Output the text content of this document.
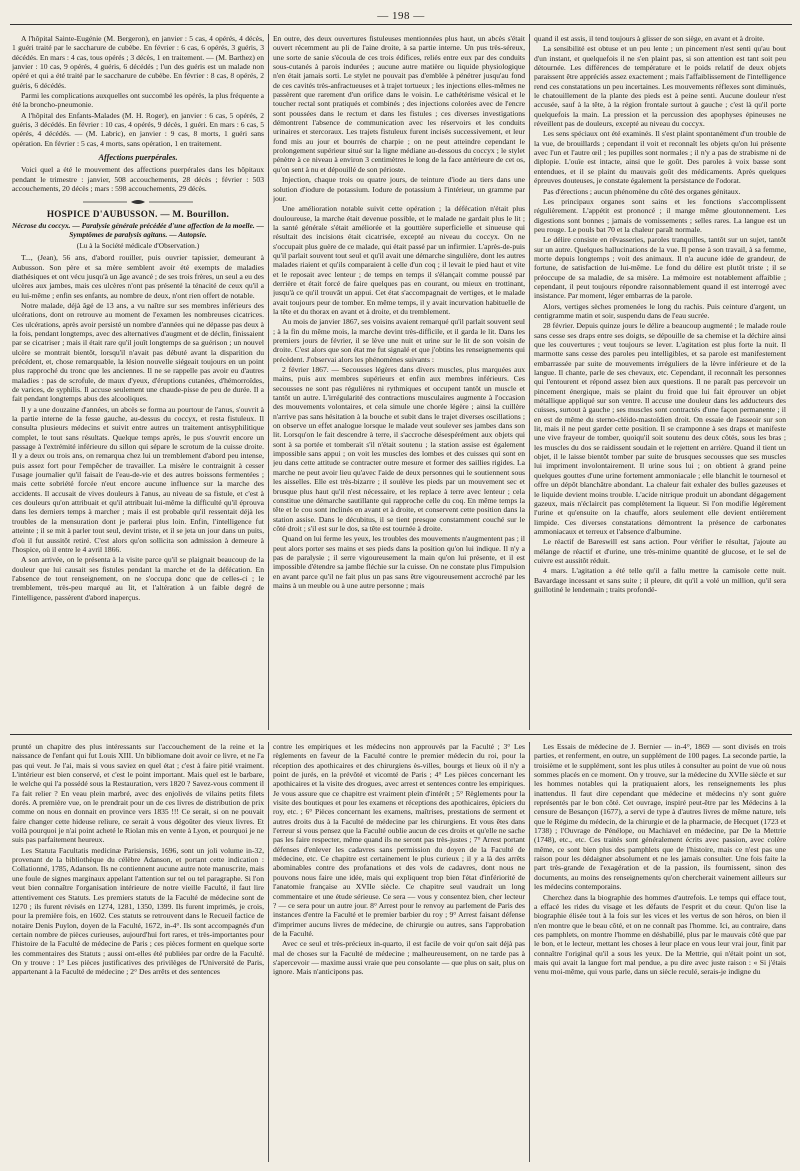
— 198 —

A l'hôpital Sainte-Eugénie (M. Bergeron), en janvier : 5 cas, 4 opérés, 4 décès, 1 guéri traité par le saccharure de cubèbe. En février : 6 cas, 6 opérés, 3 guéris, 3 décédés. En mars : 4 cas, tous opérés ; 3 décès, 1 en traitement. — (M. Barthez) en janvier : 10 cas, 9 opérés, 4 guéris, 6 décédés ; l'un des guéris est un malade non opéré et qui a été traité par le saccharure de cubèbe. En février : 8 cas, 8 opérés, 2 guéris, 6 décédés.

Parmi les complications auxquelles ont succombé les opérés, la plus fréquente a été la broncho-pneumonie.

A l'hôpital des Enfants-Malades (M. H. Roger), en janvier : 6 cas, 5 opérés, 2 guéris, 3 décédés. En février : 10 cas, 4 opérés, 9 décès, 1 guéri. En mars : 6 cas, 5 opérés, 4 décédés. — (M. Labric), en janvier : 9 cas, 8 morts, 1 guéri sans opération. En février : 5 cas, 4 morts, sans opération, 1 en traitement.

Affections puerpérales.

Voici quel a été le mouvement des affections puerpérales dans les hôpitaux pendant le trimestre : janvier, 508 accouchements, 28 décès ; février : 503 accouchements, 20 décès ; mars : 598 accouchements, 29 décès.

HOSPICE D'AUBUSSON. — M. Bourillon.
Nécrose du coccyx. — Paralysie générale précédée d'une affection de la moelle. — Symptômes de paralysis agitans. — Autopsie.
(Lu à la Société médicale d'Observation.)

T..., (Jean), 56 ans, d'abord rouiller, puis ouvrier tapissier, demeurant à Aubusson. Son père et sa mère semblent avoir été exempts de maladies diathésiques et ont vécu jusqu'à un âge avancé ; de ses trois frères, un seul a eu des ulcères aux jambes, mais ces ulcères n'ont pas présenté la ténacité de ceux qu'il a eu lui-même ; enfin ses enfants, au nombre de deux, n'ont rien offert de notable.

Notre malade, déjà âgé de 13 ans, a vu naître sur ses membres inférieurs des ulcérations, dont on retrouve au moment de l'examen les nombreuses cicatrices. Ces ulcérations, après avoir persisté un nombre d'années qui ne dépasse pas deux à la fois, pendant longtemps, avec des alternatives d'augment et de déclin, finissaient par se cicatriser ; mais il était rare qu'il jouît longtemps de sa guérison ; un nouvel ulcère se montrait bientôt, lorsqu'il n'avait pas débuté avant la disparition du précédent, et, chose remarquable, la lésion nouvelle siégeait toujours en un point plus rapproché du tronc que les anciennes. Il ne se rappelle pas avoir eu d'autres maladies : pas de scrofule, de maux d'yeux, d'éruptions cutanées, d'hémorroïdes, de varices, de syphilis. Il accuse seulement une chaude-pisse de peu de durée. Il a fait pendant longtemps abus des alcooliques.

Il y a une douzaine d'années, un abcès se forma au pourtour de l'anus, s'ouvrit à la partie interne de la fesse gauche, au-dessus du coccyx, et resta fistuleux. Il consulta plusieurs médecins et suivit entre autres un traitement antisyphilitique complet, le tout sans résultats. Quelque temps après, le pus s'ouvrit encore un passage à l'extrémité inférieure du sillon qui sépare le scrotum de la cuisse droite. Il y a deux ou trois ans, on remarqua chez lui un tremblement d'abord peu intense, puis assez fort pour l'empêcher de travailler. La misère le contraignit à cesser l'usage journalier qu'il faisait de l'eau-de-vie et des autres boissons fermentées ; mais cette sobriété forcée n'eut encore aucune influence sur la marche des accidents. Il accusait de vives douleurs à l'anus, au niveau de sa fistule, et c'est à ces douleurs qu'on attribuait et qu'il attribuait lui-même la difficulté qu'il éprouva dans les derniers temps à marcher ; mais il est probable qu'il ressentait déjà les troubles de la mensuration dont je parlerai plus loin. Enfin, l'intelligence fut atteinte ; il se mit à parler tout seul, devint triste, et il se jeta un jour dans un puits, d'où il fut aussitôt retiré. C'est alors qu'on sollicita son admission à demeure à l'hospice, où il entre le 4 avril 1866.

A son arrivée, on le présenta à la visite parce qu'il se plaignait beaucoup de la douleur que lui causait ses fistules pendant la marche et de la défécation. En l'absence de tout renseignement, on ne s'occupa donc que de celles-ci ; le tremblement, très-peu marqué au lit, et l'altération à un faible degré de l'intelligence, passèrent d'abord inaperçus.

En outre, des deux ouvertures fistuleuses mentionnées plus haut, un abcès s'était ouvert récemment au pli de l'aine droite, à sa partie interne. Un pus très-séreux, une sorte de sanie s'écoula de ces trois édifices, reliés entre eux par des conduits sous-cutanés à parois indurées ; aucune autre matière ou liquide physiologique n'en était jamais sorti. Le stylet ne pouvait pas d'emblée à pénétrer jusqu'au fond de ces cavités très-anfractueuses et à trajet tortueux ; les injections elles-mêmes ne passèrent que rarement d'un orifice dans le voisin. Le cathétérisme vésical et le toucher rectal sont pratiqués et combinés ; des injections colorées avec de l'encre sont poussées dans le rectum et dans les fistules ; ces diverses investigations démontrent l'absence de communication avec les réservoirs et les conduits urinaires et stercoraux. Les trajets fistuleux furent incisés successivement, et leur fond mis au jour et bourrés de charpie ; on ne peut atteindre cependant le prolongement supérieur situé sur la ligne médiane au-dessous du coccyx ; le stylet pénètre à ce niveau à environ 3 centimètres le long de la face antérieure de cet os, qu'on sent à nu et dépouillé de son périoste.

Injection, chaque trois ou quatre jours, de teinture d'iode au tiers dans une solution d'iodure de potassium. Iodure de potassium à l'intérieur, un gramme par jour.

Une amélioration notable suivit cette opération ; la défécation n'était plus douloureuse, la marche était devenue possible, et le malade ne gardait plus le lit ; la santé générale s'était améliorée et la gouttière superficielle et sinueuse qui résultait des incisions était cicatrisée, excepté au niveau du coccyx. On ne s'occupait plus guère de ce malade, qui était passé par un infirmier. L'après-de-puis qu'il parlait souvent tout seul et qu'il avait une démarche singulière, dont les autres malades riaient et qu'ils comparaient à celle d'un coq ; il levait le pied haut et vite et le reposait avec lenteur ; de temps en temps il s'élançait comme poussé par derrière et était forcé de faire quelques pas en courant, ou mieux en trottinant, jusqu'à ce qu'il trouvât un appui. Cet état s'accompagnait de vertiges, et le malade avait toujours peur de tomber. En même temps, il y avait incurvation habituelle de la tête et du thorax en avant et à droite, et du tremblement.

Au mois de janvier 1867, ses voisins avaient remarqué qu'il parlait souvent seul ; à la fin du même mois, la marche devint très-difficile, et il garda le lit. Dans les premiers jours de février, il se lève une nuit et urine sur le lit de son voisin de droite. C'est alors que son état me fut signalé et que j'obtins les renseignements qui précèdent. J'observai alors les phénomènes suivants :

2 février 1867. — Secousses légères dans divers muscles, plus marquées aux mains, puis aux membres supérieurs et enfin aux membres inférieurs. Ces secousses ne sont pas régulières ni rythmiques et occupent tantôt un muscle et tantôt un autre. L'irrégularité des contractions musculaires augmente à l'occasion des mouvements volontaires, et cela simule une chorée légère ; ainsi la cuillère n'arrive pas sans hésitation à la bouche et subit dans le trajet diverses oscillations ; on observe un effet analogue lorsque le malade veut soulever ses jambes dans son lit. Lorsqu'on le fait descendre à terre, il s'accroche désespérément aux objets qui sont à sa portée et tomberait s'il n'était soutenu ; la station assise est également impossible sans appui ; on voit les muscles des lombes et des cuisses qui sont en jeu dans cette attitude se contracter outre mesure et former des saillies rigides. La marche ne peut avoir lieu qu'avec l'aide de deux personnes qui le soutiennent sous les aisselles. Elle est très-bizarre ; il soulève les pieds par un mouvement sec et brusque plus haut qu'il n'est nécessaire, et les replace à terre avec lenteur ; cela constitue une démarche sautillante qui rapproche celle du coq. En même temps la tête et le cou sont inclinés en avant et à droite, et conservent cette position dans la station assise. Dans le décubitus, il se tient presque constamment couché sur le côté droit ; s'il est sur le dos, sa tête est tournée à droite.

Quand on lui ferme les yeux, les troubles des mouvements n'augmentent pas ; il peut alors porter ses mains et ses pieds dans la position qu'on lui indique. Il n'y a pas de paralysie ; il serre vigoureusement la main qu'on lui présente, et il est impossible d'étendre sa jambe fléchie sur la cuisse. On ne constate plus l'impulsion en avant parce qu'il ne fait plus un pas sans être vigoureusement accroché par les mains à un meuble ou à une autre personne ; mais

quand il est assis, il tend toujours à glisser de son siège, en avant et à droite.

La sensibilité est obtuse et un peu lente ; un pincement n'est senti qu'au bout d'un instant, et quelquefois il ne s'en plaint pas, si son attention est tant soit peu détournée. Les différences de température et le poids relatif de deux objets paraissent être appréciés assez exactement ; mais l'affaiblissement de l'intelligence rend ces constatations un peu incertaines. Les mouvements réflexes sont diminués, le chatouillement de la plante des pieds est à peine senti. Aucune douleur n'est accusée, sauf à la tête, à la région frontale surtout à gauche ; c'est là qu'il porte quelquefois la main. La pression et la percussion des apophyses épineuses ne réveillent pas de douleurs, excepté au niveau du coccyx.

Les sens spéciaux ont été examinés. Il s'est plaint spontanément d'un trouble de la vue, de brouillards ; cependant il voit et reconnaît les objets qu'on lui présente avec l'un et l'autre œil ; les pupilles sont normales ; il n'y a pas de strabisme ni de diplopie. L'ouïe est intacte, ainsi que le goût. Des paroles à voix basse sont entendues, et il se plaint du mauvais goût des médicaments. Après quelques épreuves douteuses, je constate également la persistance de l'odorat.

Pas d'érections ; aucun phénomène du côté des organes génitaux.

Les principaux organes sont sains et les fonctions s'accomplissent régulièrement. L'appétit est prononcé ; il mange même gloutonnement. Les digestions sont bonnes ; jamais de vomissements ; selles rares. La langue est un peu rouge. Le pouls bat 70 et la chaleur paraît normale.

Le délire consiste en rêvasseries, paroles tranquilles, tantôt sur un sujet, tantôt sur un autre. Quelques hallucinations de la vue. Il pense à son travail, à sa femme, morte depuis longtemps ; voit des animaux. Il n'a aucune idée de grandeur, de fortune, de satisfaction de lui-même. Le fond du délire est plutôt triste ; il se préoccupe de sa maladie, de sa misère. La mémoire est notablement affaiblie ; cependant, il peut toujours répondre raisonnablement quand il est interrogé avec insistance. Par moment, léger embarras de la parole.

Alors, vertiges sèches promenées le long du rachis. Puis ceinture d'argent, un centigramme matin et soir, suspendu dans de l'eau sucrée.

28 février. Depuis quinze jours le délire a beaucoup augmenté ; le malade roule sans cesse ses draps entre ses doigts, se dépouille de sa chemise et la déchire ainsi que les couvertures ; veut toujours se lever. L'agitation est plus forte la nuit. Il marmotte sans cesse des paroles peu intelligibles, et sa parole est manifestement embarrassée par suite de mouvements irréguliers de la lèvre inférieure et de la langue. Il chante, parle de ses chevaux, etc. Cependant, il reconnaît les personnes qui l'entourent et répond assez bien aux questions. Il ne paraît pas percevoir un pincement énergique, mais se plaint du froid que lui fait éprouver un objet métallique appliqué sur son ventre. Il accuse une douleur dans les adducteurs des cuisses, surtout à gauche ; ses muscles sont contractés d'une façon permanente ; il en est de même du sterno-cléido-mastoïdien droit. On essaie de l'asseoir sur son lit, mais il ne peut garder cette position. Il se cramponne à ses draps et manifeste une vive frayeur de tomber, quoiqu'il soit soutenu des deux côtés, sous les bras ; les muscles du dos se raidissent soudain et le rejettent en arrière. Quand il tient un objet, il le laisse bientôt tomber par suite de brusques secousses que ses muscles lui impriment involontairement. Il urine sous lui ; on obtient à grand peine quelques gouttes d'une urine fortement ammoniacale ; elle blanchit le tournesol et offre un dépôt blanchâtre abondant. La chaleur fait exhaler des bulles gazeuses et le liquide devient moins trouble. L'acide nitrique produit un abondant dégagement gazeux, mais n'éclaircit pas complètement la liqueur. Si l'on modifie légèrement l'urine et qu'ensuite on la chauffe, alors seulement elle devient entièrement limpide. Ces diverses constatations démontrent la présence de carbonates ammoniacaux et terreux et l'absence d'albumine.

Le réactif de Bareswill est sans action. Pour vérifier le résultat, j'ajoute au mélange de réactif et d'urine, une très-minime quantité de glucose, et le sel de cuivre est aussitôt réduit.

4 mars. L'agitation a été telle qu'il a fallu mettre la camisole cette nuit. Bavardage incessant et sans suite ; il pleure, dit qu'il a volé un million, qu'il sera guillotiné le lendemain ; traits profondé-

prunté un chapitre des plus intéressants sur l'accouchement de la reine et la naissance de l'enfant qui fut Louis XIII. Un bibliomane doit avoir ce livre, et ne l'a pas qui veut. Je l'ai, mais si vous saviez en quel état ; c'est à faire pitié vraiment. L'intérieur est bien conservé, et c'est le point important. Mais quel est le barbare, le welche qui l'a possédé sous la Restauration, vers 1820 ? Savez-vous comment il l'a fait relier ? En veau plein marbré, avec des enjolivés de vilains petits filets dorés. A première vue, on le prendrait pour un de ces livres de distribution de prix comme on nous en donnait en province vers 1835 !!! Ce serait, si on ne pouvait faire changer cette hideuse reliure, ce serait à vous dégoûter des vieux livres. Et voilà pourquoi je n'ai point acheté le Riolan mis en vente à Lyon, et pourquoi je ne suis pas parfaitement heureux.

Les Statuta Facultatis medicinæ Parisiensis, 1696, sont un joli volume in-32, provenant de la bibliothèque du célèbre Adanson, et portant cette indication : Collationné, 1785, Adanson. Ils ne contiennent aucune autre note manuscrite, mais une foule de signes marginaux appelant l'attention sur tel ou tel paragraphe. Si l'on veut bien connaître l'organisation intérieure de notre vieille Faculté, il faut lire attentivement ces Statuts. Les premiers statuts de la Faculté de médecine sont de 1270 ; ils furent révisés en 1274, 1281, 1350, 1399. Ils furent imprimés, je crois, pour la première fois, en 1602. Ces statuts se retrouvent dans le Recueil factice de notaire Denis Puylon, doyen de la Faculté, 1672, in-4°. Ils sont accompagnés d'un certain nombre de pièces curieuses, aujourd'hui fort rares, et très-importantes pour l'histoire de la Faculté de médecine de Paris ; ces pièces forment en quelque sorte les commentaires des Statuts ; aussi ont-elles été publiées par ordre de la Faculté. On y trouve : 1° Les pièces justificatives des privilèges de l'Université de Paris, appartenant à la Faculté de médecine ; 2° Des arrêts et des sentences

contre les empiriques et les médecins non approuvés par la Faculté ; 3° Les règlements en faveur de la Faculté contre le premier médecin du roi, pour la réception des apothicaires et des chirurgiens ès-villes, bourgs et lieux où il n'y a point de jurés, en la prévôté et vicomté de Paris ; 4° Les pièces concernant les apothicaires et la visite des drogues, avec arrest et sentences contre les empiriques. Je vous assure que ce chapitre est vraiment plein d'intérêt ; 5° Règlements pour la visite des boutiques et pour les examens et réceptions des apothicaires, épiciers du roy, etc. ; 6° Pièces concernant les examens, maîtrises, prestations de serment et autres droits dus à la Faculté de médecine par les chirurgiens. Et vous êtes dans l'erreur si vous pensez que la Faculté oublie aucun de ces droits et qu'elle ne sache pas les faire respecter, même quand ils ne seront pas très-justes ; 7° Arrest portant défenses d'enlever les cadavres sans permission du doyen de la Faculté de médecine, etc. Ce chapitre est certainement le plus curieux ; il y a là des arrêts abominables contre des profanations et des vols de cadavres, dont nous ne pouvons nous faire une idée, mais qui expliquent trop bien l'état d'infériorité de l'anatomie française au XVIIe siècle. Ce chapitre seul vaudrait un long commentaire et une étude sérieuse. Ce sera — vous y consentez bien, cher lecteur ? — ce sera pour un autre jour. 8° Arrest pour le renvoy au parlement de Paris des instances d'entre la Faculté et le premier barbier du roy ; 9° Arrest faisant défense d'imprimer aucuns livres de médecine, de chirurgie ou autres, sans l'approbation de la Faculté.

Avec ce seul et très-précieux in-quarto, il est facile de voir qu'on sait déjà pas mal de choses sur la Faculté de médecine ; malheureusement, on ne tarde pas à s'apercevoir — maxime aussi vraie que peu consolante — que plus on sait, plus on ignore. Mais n'anticipons pas.

Les Essais de médecine de J. Bernier — in-4°, 1869 — sont divisés en trois parties, et renferment, en outre, un supplément de 100 pages. La seconde partie, la troisième et le supplément, sont les plus utiles à consulter au point de vue où nous sommes placés en ce moment. On y trouve, sur la médecine du XVIIe siècle et sur les hommes notables qui la pratiquaient alors, les renseignements les plus inattendus. Il faut dire cependant que médecine et médecins n'y sont guère représentés par le bon côté. Cet ouvrage, inspiré peut-être par les Médecins à la censure de Besançon (1677), a servi de type à d'autres livres de même nature, tels que le Régime du médecin, de la chirurgie et de la pharmacie, de Hecquet (1723 et 1738) ; l'Ouvrage de Pénélope, ou Machiavel en médecine, par De la Mettrie (1748), etc., etc. Ces traités sont généralement écrits avec passion, avec colère même, ce sont bien plus des pamphlets que de l'histoire, mais ce n'est pas une raison pour les dédaigner absolument et ne les jamais consulter. Une fois faite la part très-grande de l'exagération et de la passion, ils fournissent, sinon des documents, au moins des renseignements qu'on chercherait vainement ailleurs sur les médecins contemporains.

Cherchez dans la biographie des hommes d'autrefois. Le temps qui efface tout, a effacé les rides du visage et les défauts de l'esprit et du cœur. Qu'on lise la biographie élisée tout à la fois sur les vices et les vertus de son héros, on bien il n'en montre que le beau côté, et on ne connaît pas l'homme. Ici, au contraire, dans ces pamphlets, on montre l'homme en déshabillé, plus par le mauvais côté que par le bon, et le lecteur, mettant les choses à leur place en vous leur vrai jour, finit par connaître l'original qu'il a sous les yeux. De la Mettrie, qui n'était point un sot, mais qui avait la langue fort mal pendue, a pu dire avec juste raison : « Si j'étais venu moi-même, qui vous parle, dans un siècle reculé, serais-je indigne du
